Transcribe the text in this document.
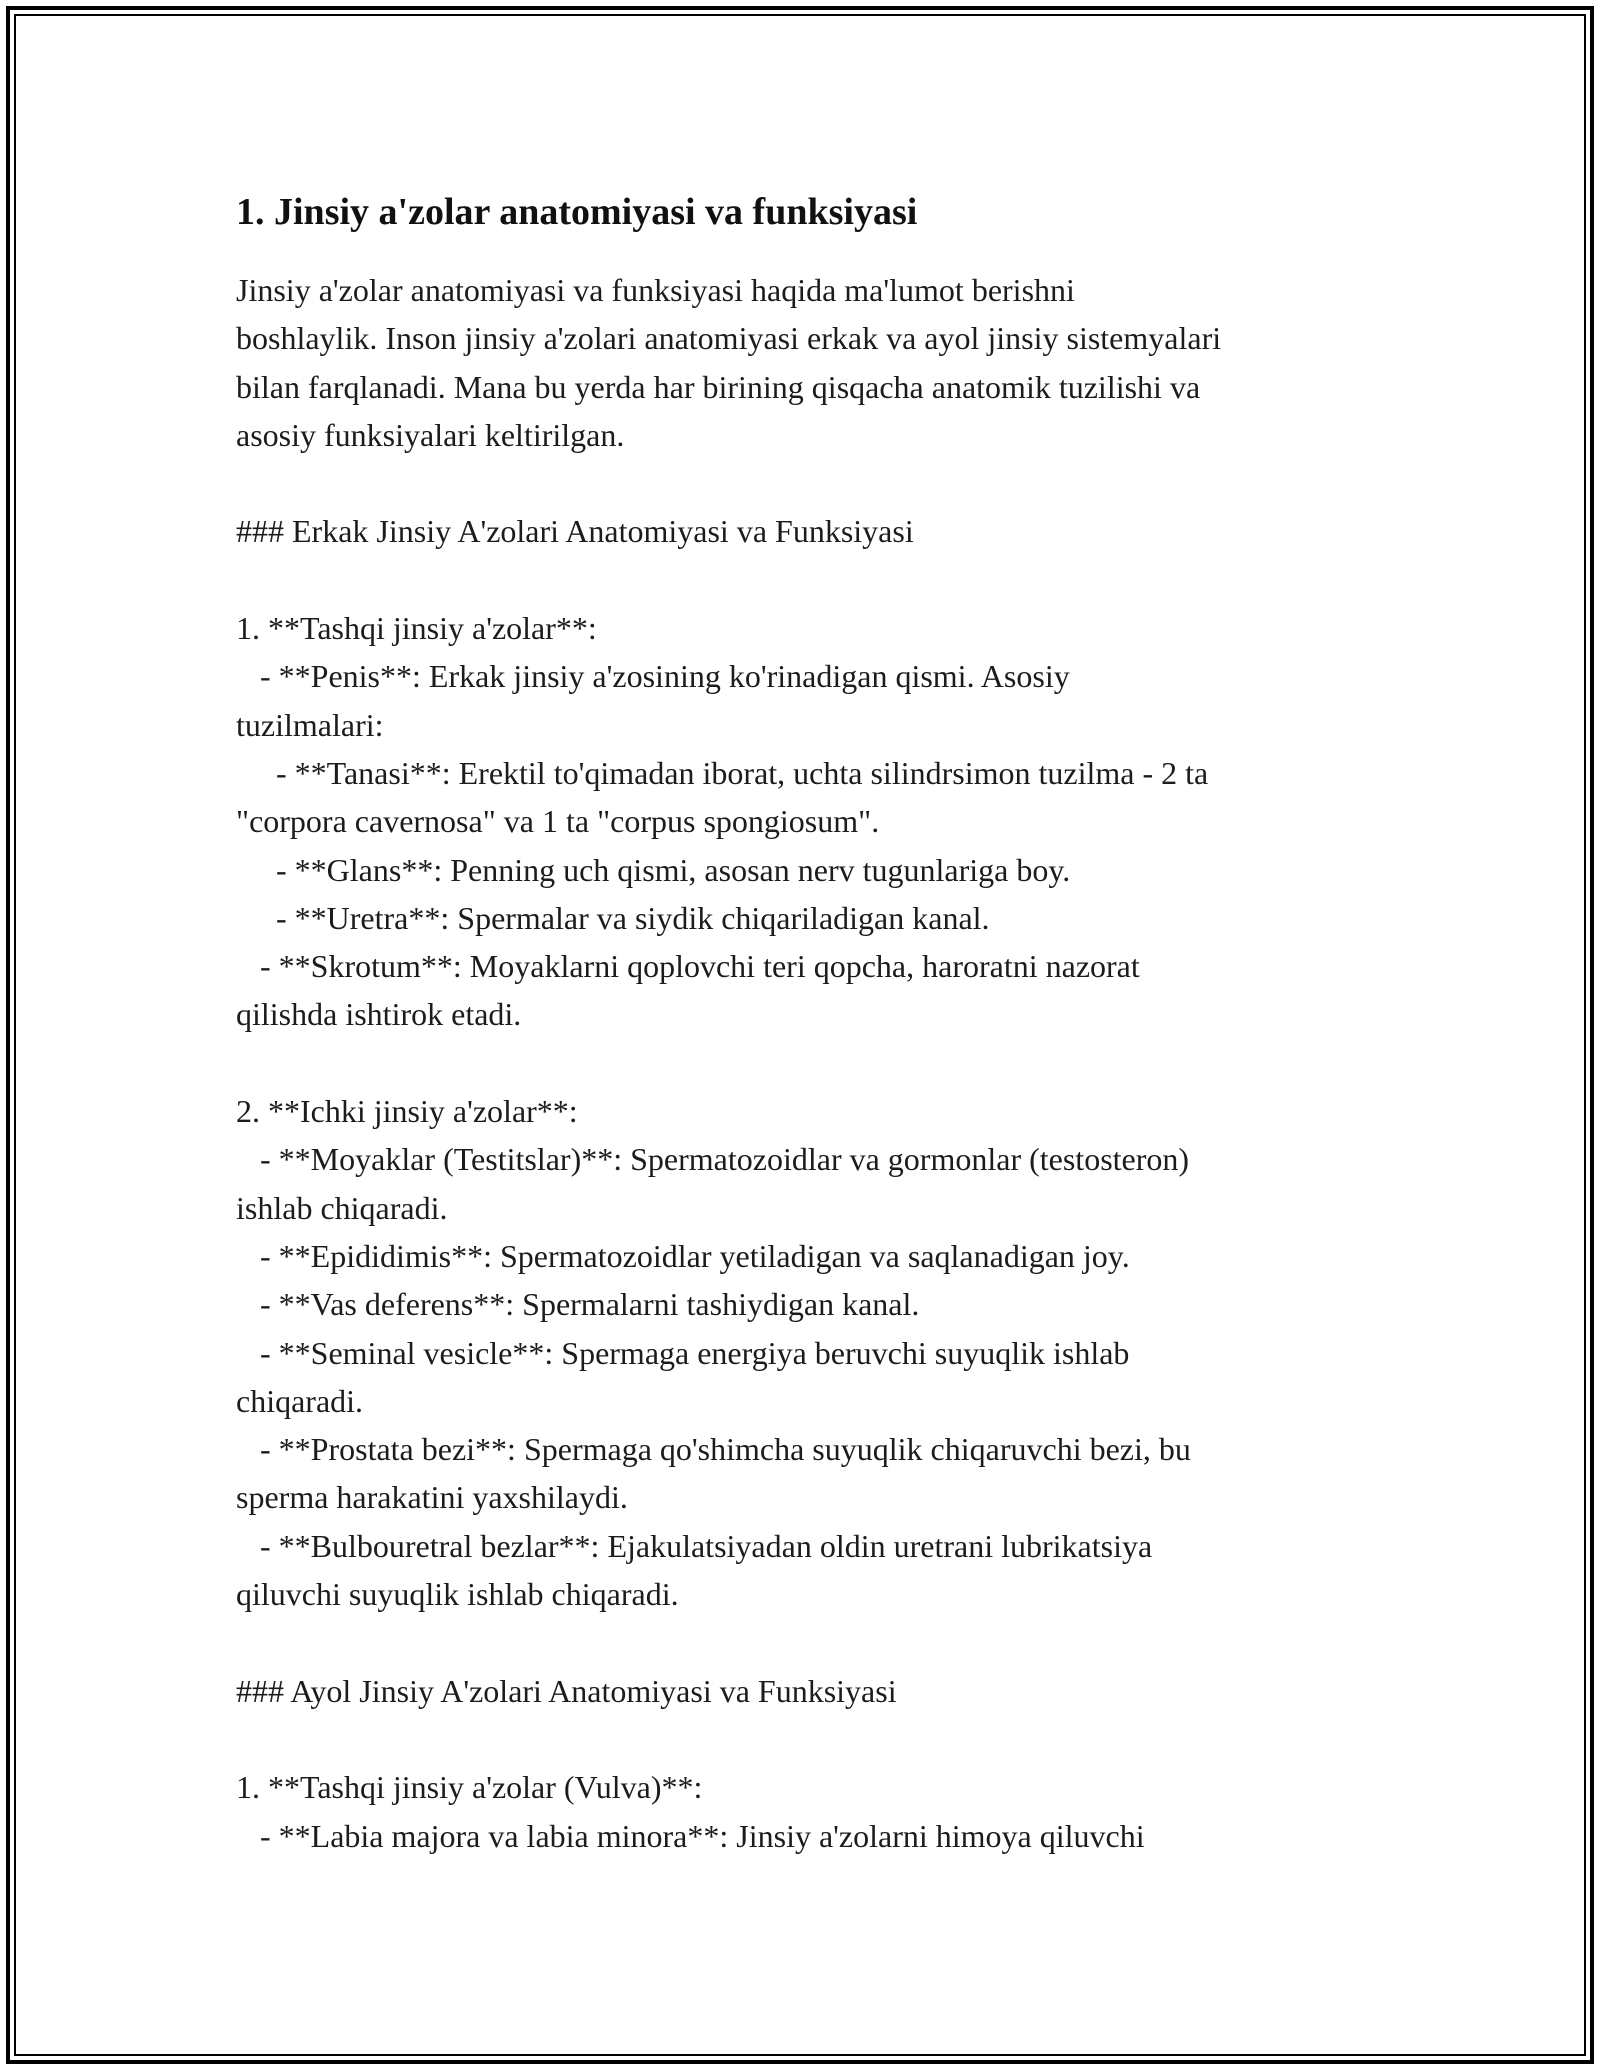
1. Jinsiy a'zolar anatomiyasi va funksiyasi
Jinsiy a'zolar anatomiyasi va funksiyasi haqida ma'lumot berishni
boshlaylik. Inson jinsiy a'zolari anatomiyasi erkak va ayol jinsiy sistemyalari
bilan farqlanadi. Mana bu yerda har birining qisqacha anatomik tuzilishi va
asosiy funksiyalari keltirilgan.
### Erkak Jinsiy A'zolari Anatomiyasi va Funksiyasi
1. **Tashqi jinsiy a'zolar**:
- **Penis**: Erkak jinsiy a'zosining ko'rinadigan qismi. Asosiy
tuzilmalari:
- **Tanasi**: Erektil to'qimadan iborat, uchta silindrsimon tuzilma - 2 ta
"corpora cavernosa" va 1 ta "corpus spongiosum".
- **Glans**: Penning uch qismi, asosan nerv tugunlariga boy.
- **Uretra**: Spermalar va siydik chiqariladigan kanal.
- **Skrotum**: Moyaklarni qoplovchi teri qopcha, haroratni nazorat
qilishda ishtirok etadi.
2. **Ichki jinsiy a'zolar**:
- **Moyaklar (Testitslar)**: Spermatozoidlar va gormonlar (testosteron)
ishlab chiqaradi.
- **Epididimis**: Spermatozoidlar yetiladigan va saqlanadigan joy.
- **Vas deferens**: Spermalarni tashiydigan kanal.
- **Seminal vesicle**: Spermaga energiya beruvchi suyuqlik ishlab
chiqaradi.
- **Prostata bezi**: Spermaga qo'shimcha suyuqlik chiqaruvchi bezi, bu
sperma harakatini yaxshilaydi.
- **Bulbouretral bezlar**: Ejakulatsiyadan oldin uretrani lubrikatsiya
qiluvchi suyuqlik ishlab chiqaradi.
### Ayol Jinsiy A'zolari Anatomiyasi va Funksiyasi
1. **Tashqi jinsiy a'zolar (Vulva)**:
- **Labia majora va labia minora**: Jinsiy a'zolarni himoya qiluvchi
